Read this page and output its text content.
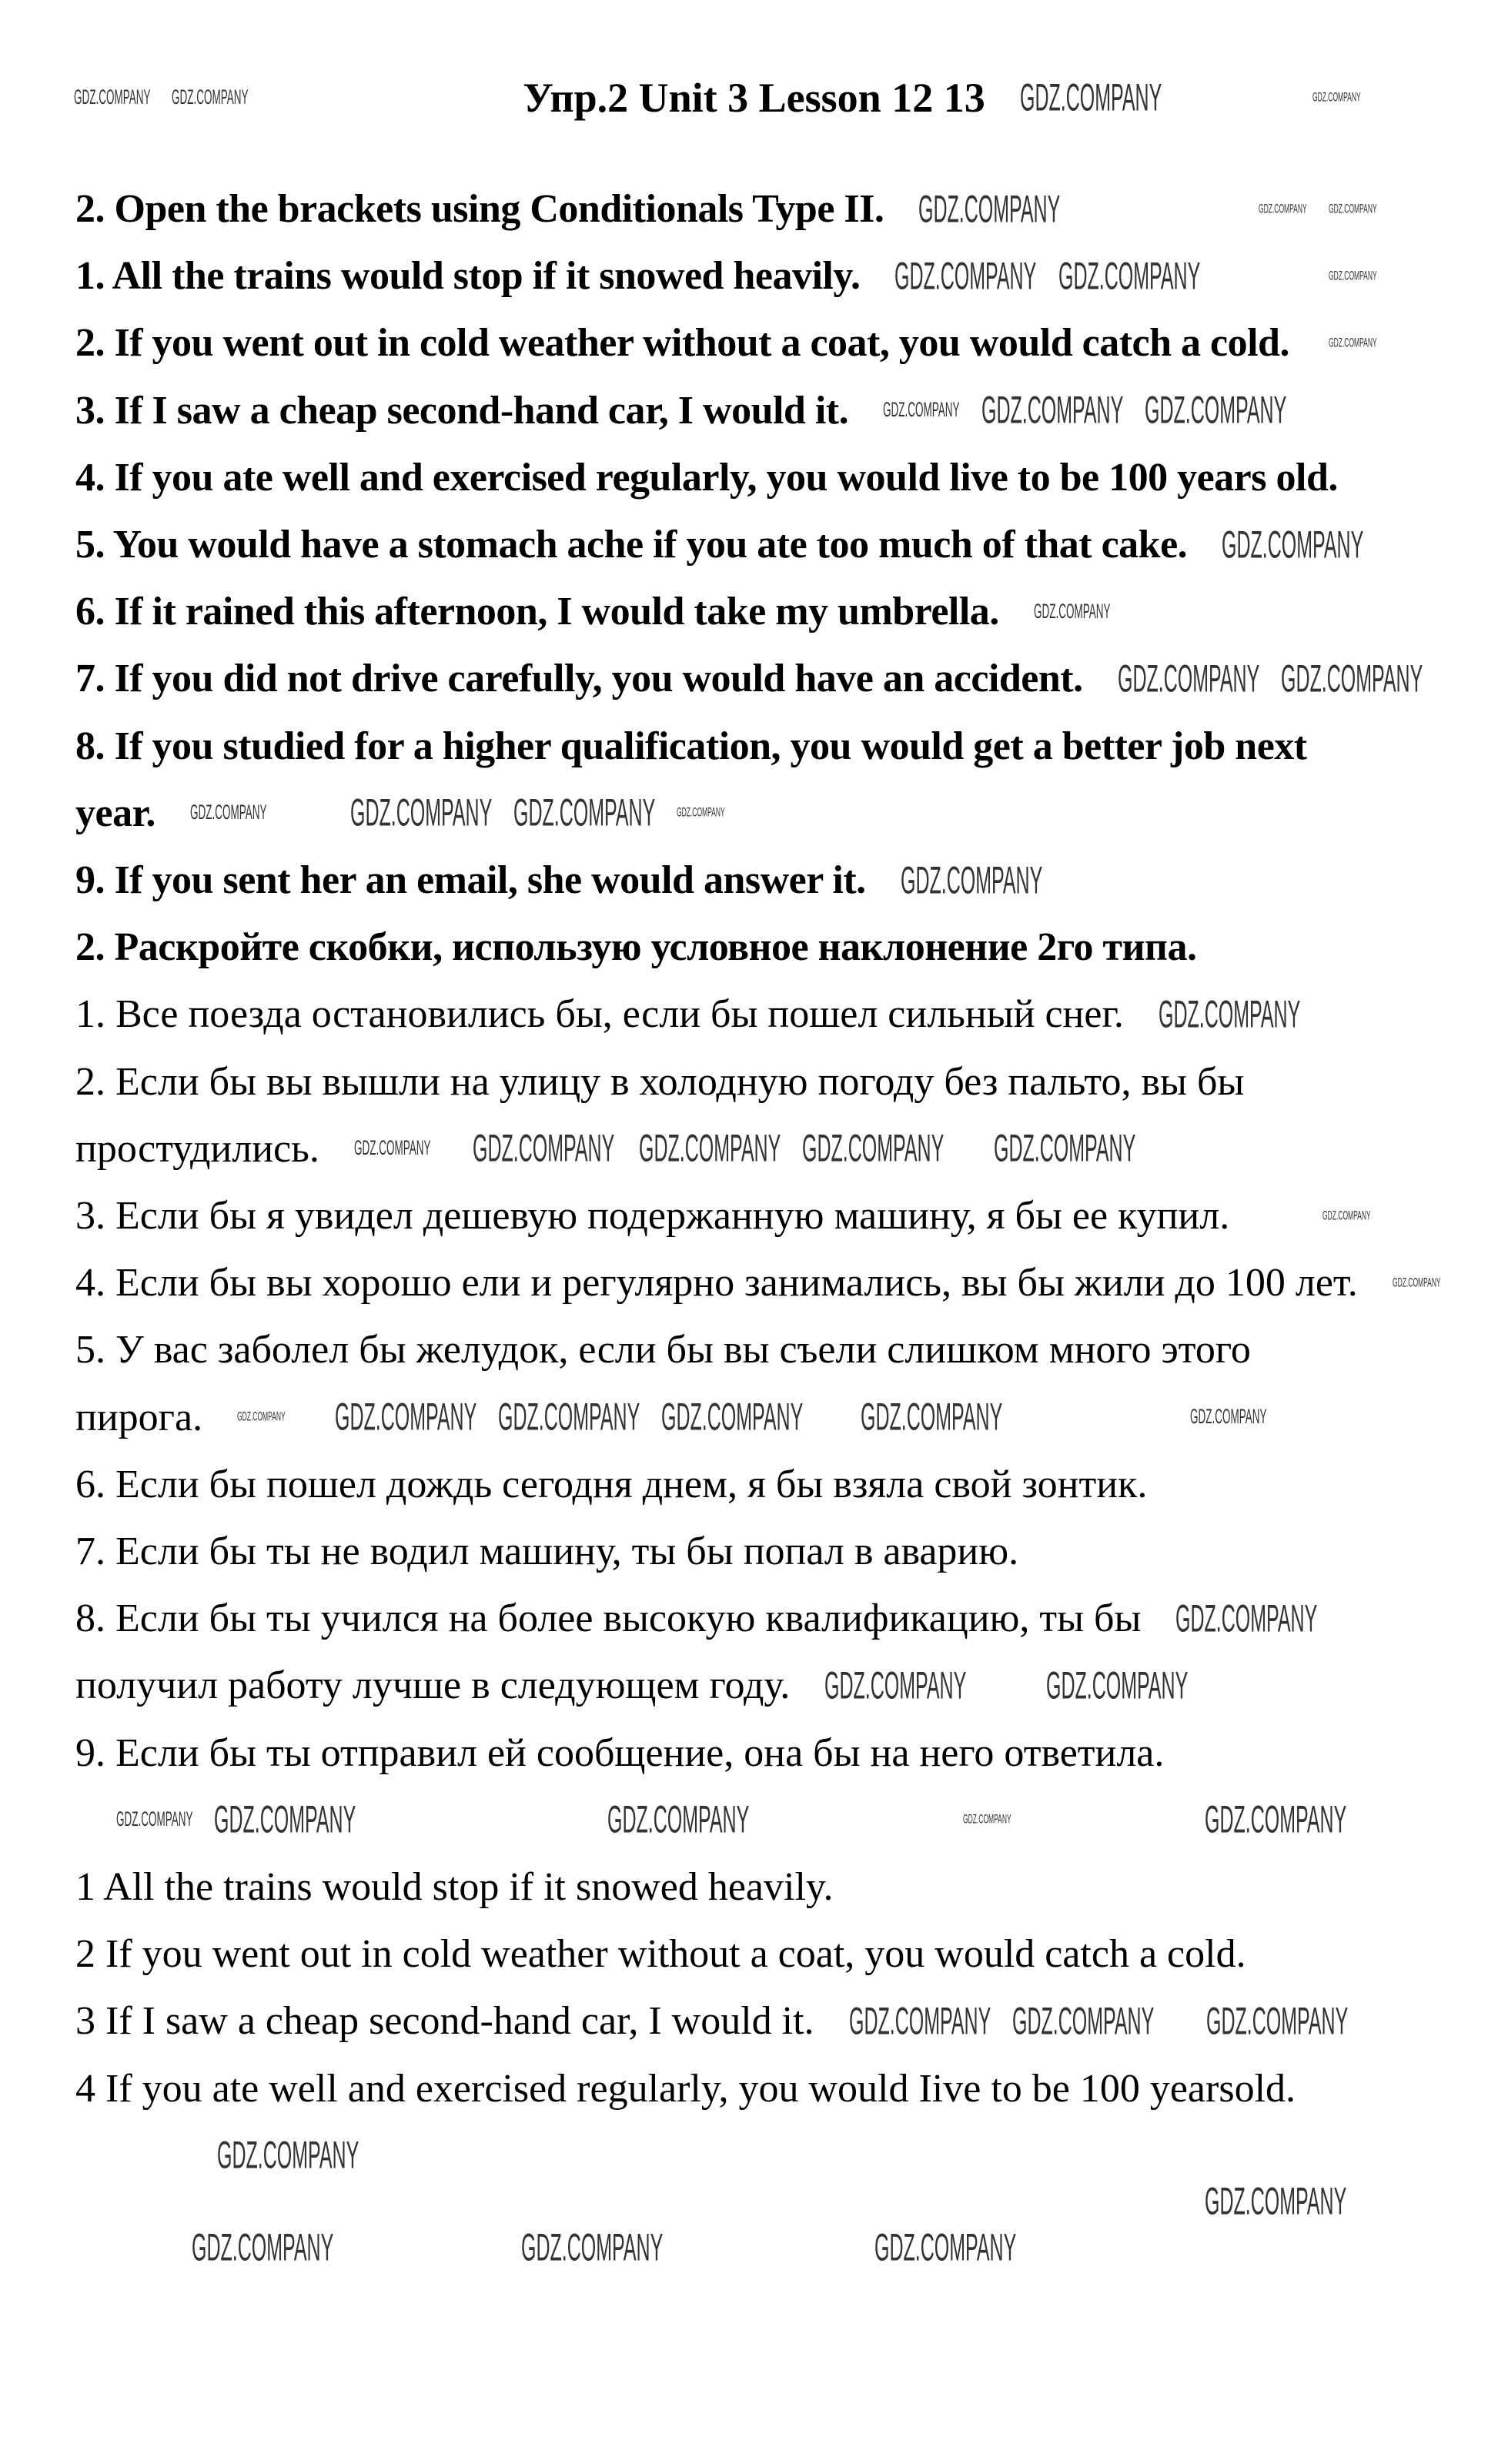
Упр.2 Unit 3 Lesson 12 13

2. Open the brackets using Conditionals Type II.

1. All the trains would stop if it snowed heavily.

2. If you went out in cold weather without a coat, you would catch a cold.

3. If I saw a cheap second-hand car, I would it.

4. If you ate well and exercised regularly, you would live to be 100 years old.

5. You would have a stomach ache if you ate too much of that cake.

6. If it rained this afternoon, I would take my umbrella.

7. If you did not drive carefully, you would have an accident.

8. If you studied for a higher qualification, you would get a better job next year.

9. If you sent her an email, she would answer it.

2. Раскройте скобки, использую условное наклонение 2го типа.

1. Все поезда остановились бы, если бы пошел сильный снег.

2. Если бы вы вышли на улицу в холодную погоду без пальто, вы бы простудились.

3. Если бы я увидел дешевую подержанную машину, я бы ее купил.

4. Если бы вы хорошо ели и регулярно занимались, вы бы жили до 100 лет.

5. У вас заболел бы желудок, если бы вы съели слишком много этого пирога.

6. Если бы пошел дождь сегодня днем, я бы взяла свой зонтик.

7. Если бы ты не водил машину, ты бы попал в аварию.

8. Если бы ты учился на более высокую квалификацию, ты бы получил работу лучше в следующем году.

9. Если бы ты отправил ей сообщение, она бы на него ответила.

1 All the trains would stop if it snowed heavily.

2 If you went out in cold weather without a coat, you would catch a cold.

3 If I saw a cheap second-hand car, I would it.

4 If you ate well and exercised regularly, you would Iive to be 100 yearsold.

GDZ.COMPANY
GDZ.COMPANY
GDZ.COMPANY
GDZ.COMPANY
GDZ.COMPANY
GDZ.COMPANY
GDZ.COMPANY
GDZ.COMPANY
GDZ.COMPANY
GDZ.COMPANY
GDZ.COMPANY
GDZ.COMPANY GDZ.COMPANY GDZ.COMPANY
GDZ.COMPANY
GDZ.COMPANY
GDZ.COMPANY
GDZ.COMPANY
GDZ.COMPANY
GDZ.COMPANY
GDZ.COMPANY
GDZ.COMPANY
GDZ.COMPANY
GDZ.COMPANY
GDZ.COMPANY	GDZ.COMPANY
GDZ.COMPANY
GDZ.COMPANY
GDZ.COMPANY	GDZ.COMPANY
GDZ.COMPANY GDZ.COMPANY
GDZ.COMPANY
GDZ.COMPANY
GDZ.COMPANY GDZ.COMPANY GDZ.COMPANY
GDZ.COMPANY
GDZ.COMPANY
GDZ.COMPANY
GDZ.COMPANY GDZ.COMPANY	GDZ.COMPANY	GDZ.COMPANY
GDZ.COMPANY
GDZ.COMPANY
GDZ.COMPANY GDZ.COMPANY GDZ.COMPANY
GDZ.COMPANY
GDZ.COMPANY	GDZ.COMPANY	GDZ.COMPANY
